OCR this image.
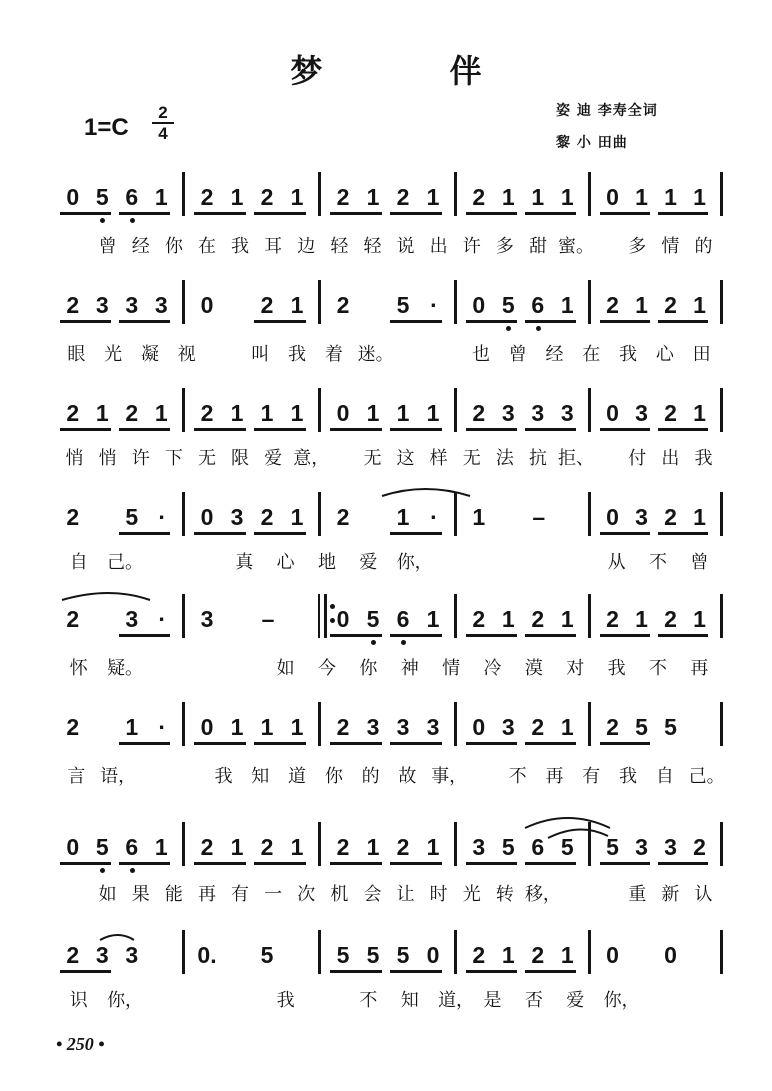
梦 伴
姿 迪 李寿全词
黎 小 田曲
1=C
2
4
0 5 6 1 2 1 2 1 2 1 2 1 2 1 1 1 0 1 1 1
曾 经 你 在 我 耳 边 轻 轻 说 出 许 多 甜 蜜。 多 情 的
2 3 3 3 0 2 1 2 5 ·	0 5 6 1 2 1 2 1
眼 光 凝 视	叫 我 着 迷。	也 曾 经 在 我 心 田
2 1 2 1 2 1 1 1 0 1 1 1 2 3 3 3 0 3 2 1
悄 悄 许 下 无 限 爱 意， 无 这 样 无 法 抗 拒、 付 出 我
2 5 ·	0 3 2 1 2 1 ·	1 –	0 3 2 1
自 己。	真 心 地 爱 你，	从 不 曾
2 3 ·	3 –	0 5 6 1 2 1 2 1 2 1 2 1
怀 疑。	如 今 你 神 情 冷 漠 对 我 不 再
2 1 ·	0 1 1 1 2 3 3 3 0 3 2 1 2 5 5
言 语，	我 知 道 你 的 故 事， 不 再 有 我 自 己。
0 5 6 1 2 1 2 1 2 1 2 1 3 5 6 5 5 3 3 2
如 果 能 再 有 一 次 机 会 让 时 光 转 移，	重 新 认
2 3 3	0. 5	5 5 5 0 2 1 2 1 0 0
识 你，	我	不 知 道， 是 否 爱 你，
• 250 •
